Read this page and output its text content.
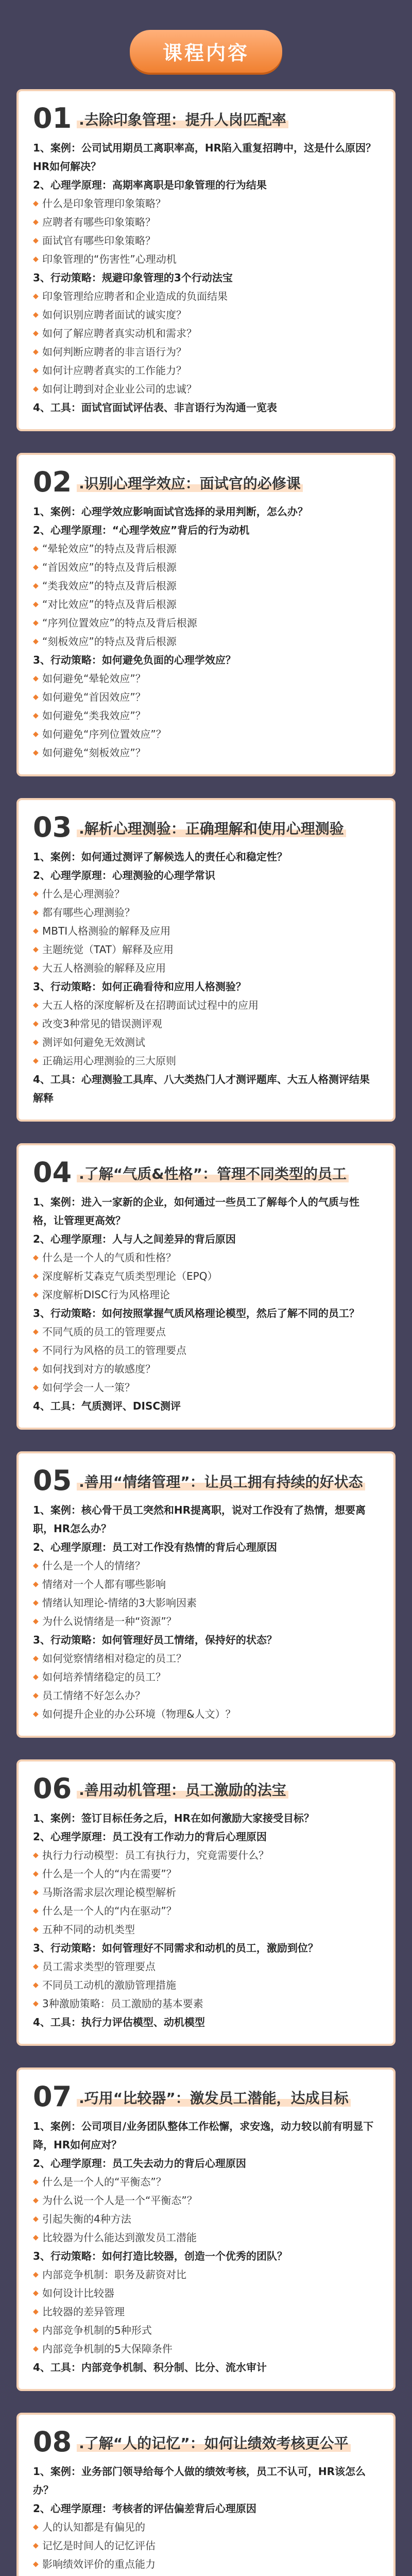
课程内容
01 .去除印象管理：提升人岗匹配率
1、案例：公司试用期员工离职率高，HR陷入重复招聘中，这是什么原因？HR如何解决？
2、心理学原理：高期率离职是印象管理的行为结果
◆ 什么是印象管理印象策略？
◆ 应聘者有哪些印象策略？
◆ 面试官有哪些印象策略？
◆ 印象管理的“伤害性”心理动机
3、行动策略：规避印象管理的3个行动法宝
◆ 印象管理给应聘者和企业造成的负面结果
◆ 如何识别应聘者面试的诚实度？
◆ 如何了解应聘者真实动机和需求？
◆ 如何判断应聘者的非言语行为？
◆ 如何计应聘者真实的工作能力？
◆ 如何让聘到对企业业公司的忠诚？
4、工具：面试官面试评估表、非言语行为沟通一览表
02 .识别心理学效应：面试官的必修课
1、案例：心理学效应影响面试官选择的录用判断，怎么办？
2、心理学原理：“心理学效应”背后的行为动机
◆ “晕轮效应”的特点及背后根源
◆ “首因效应”的特点及背后根源
◆ “类我效应”的特点及背后根源
◆ “对比效应”的特点及背后根源
◆ “序列位置效应”的特点及背后根源
◆ “刻板效应”的特点及背后根源
3、行动策略：如何避免负面的心理学效应？
◆ 如何避免“晕轮效应”？
◆ 如何避免“首因效应”？
◆ 如何避免“类我效应”？
◆ 如何避免“序列位置效应”？
◆ 如何避免“刻板效应”？
03 .解析心理测验：正确理解和使用心理测验
1、案例：如何通过测评了解候选人的责任心和稳定性？
2、心理学原理：心理测验的心理学常识
◆ 什么是心理测验？
◆ 都有哪些心理测验？
◆ MBTI人格测验的解释及应用
◆ 主题统觉（TAT）解释及应用
◆ 大五人格测验的解释及应用
3、行动策略：如何正确看待和应用人格测验？
◆ 大五人格的深度解析及在招聘面试过程中的应用
◆ 改变3种常见的错误测评观
◆ 测评如何避免无效测试
◆ 正确运用心理测验的三大原则
4、工具：心理测验工具库、八大类热门人才测评题库、大五人格测评结果解释
04 .了解“气质&性格”：管理不同类型的员工
1、案例：进入一家新的企业，如何通过一些员工了解每个人的气质与性格，让管理更高效？
2、心理学原理：人与人之间差异的背后原因
◆ 什么是一个人的气质和性格？
◆ 深度解析艾森克气质类型理论（EPQ）
◆ 深度解析DISC行为风格理论
3、行动策略：如何按照掌握气质风格理论模型，然后了解不同的员工？
◆ 不同气质的员工的管理要点
◆ 不同行为风格的员工的管理要点
◆ 如何找到对方的敏感度？
◆ 如何学会一人一策？
4、工具：气质测评、DISC测评
05 .善用“情绪管理”：让员工拥有持续的好状态
1、案例：核心骨干员工突然和HR提离职，说对工作没有了热情，想要离职，HR怎么办？
2、心理学原理：员工对工作没有热情的背后心理原因
◆ 什么是一个人的情绪？
◆ 情绪对一个人都有哪些影响
◆ 情绪认知理论-情绪的3大影响因素
◆ 为什么说情绪是一种“资源”？
3、行动策略：如何管理好员工情绪，保持好的状态？
◆ 如何觉察情绪相对稳定的员工？
◆ 如何培养情绪稳定的员工？
◆ 员工情绪不好怎么办？
◆ 如何提升企业的办公环境（物理&人文）？
06 .善用动机管理：员工激励的法宝
1、案例：签订目标任务之后，HR在如何激励大家接受目标？
2、心理学原理：员工没有工作动力的背后心理原因
◆ 执行力行动模型：员工有执行力，究竟需要什么？
◆ 什么是一个人的“内在需要”？
◆ 马斯洛需求层次理论模型解析
◆ 什么是一个人的“内在驱动”？
◆ 五种不同的动机类型
3、行动策略：如何管理好不同需求和动机的员工，激励到位？
◆ 员工需求类型的管理要点
◆ 不同员工动机的激励管理措施
◆ 3种激励策略：员工激励的基本要素
4、工具：执行力评估模型、动机模型
07 .巧用“比较器”：激发员工潜能，达成目标
1、案例：公司项目/业务团队整体工作松懈，求安逸，动力较以前有明显下降，HR如何应对？
2、心理学原理：员工失去动力的背后心理原因
◆ 什么是一个人的“平衡态”？
◆ 为什么说一个人是一个“平衡态”？
◆ 引起失衡的4种方法
◆ 比较器为什么能达到激发员工潜能
3、行动策略：如何打造比较器，创造一个优秀的团队？
◆ 内部竞争机制：职务及薪资对比
◆ 如何设计比较器
◆ 比较器的差异管理
◆ 内部竞争机制的5种形式
◆ 内部竞争机制的5大保障条件
4、工具：内部竞争机制、积分制、比分、流水审计
08 .了解“人的记忆”：如何让绩效考核更公平
1、案例：业务部门领导给每个人做的绩效考核，员工不认可，HR该怎么办？
2、心理学原理：考核者的评估偏差背后心理原因
◆ 人的认知都是有偏见的
◆ 记忆是时间人的记忆评估
◆ 影响绩效评价的重点能力
